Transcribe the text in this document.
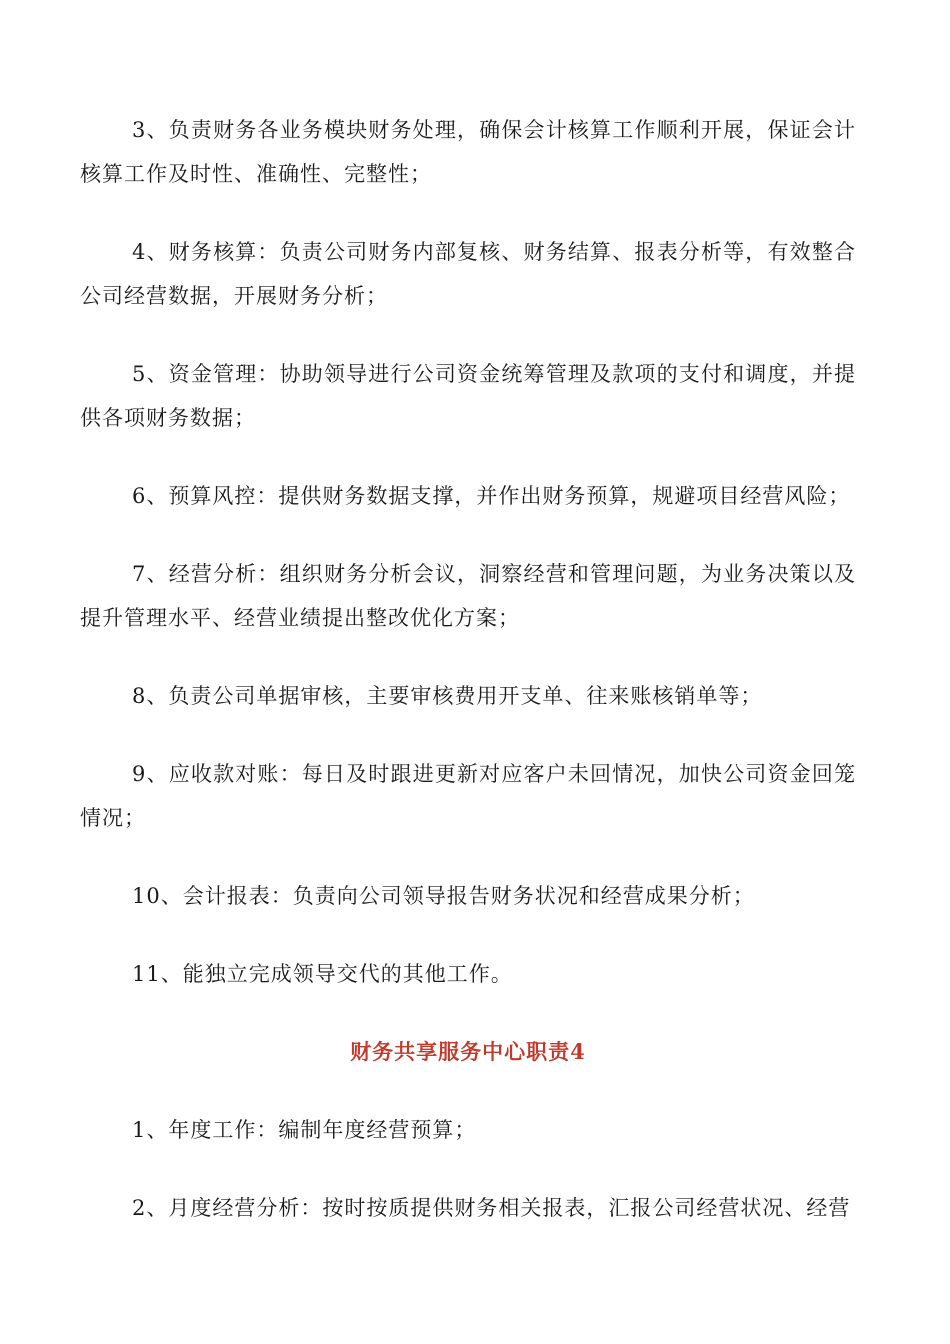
3、负责财务各业务模块财务处理，确保会计核算工作顺利开展，保证会计核算工作及时性、准确性、完整性；

4、财务核算：负责公司财务内部复核、财务结算、报表分析等，有效整合公司经营数据，开展财务分析；

5、资金管理：协助领导进行公司资金统筹管理及款项的支付和调度，并提供各项财务数据；

6、预算风控：提供财务数据支撑，并作出财务预算，规避项目经营风险；

7、经营分析：组织财务分析会议，洞察经营和管理问题，为业务决策以及提升管理水平、经营业绩提出整改优化方案；

8、负责公司单据审核，主要审核费用开支单、往来账核销单等；

9、应收款对账：每日及时跟进更新对应客户未回情况，加快公司资金回笼情况；

10、会计报表：负责向公司领导报告财务状况和经营成果分析；

11、能独立完成领导交代的其他工作。

财务共享服务中心职责4

1、年度工作：编制年度经营预算；

2、月度经营分析：按时按质提供财务相关报表，汇报公司经营状况、经营
